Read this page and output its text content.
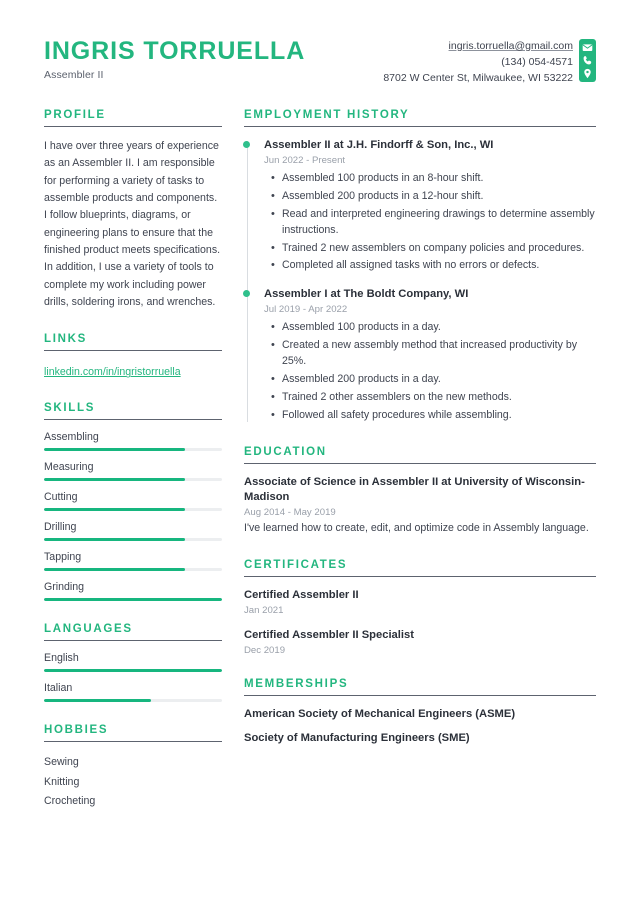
INGRIS TORRUELLA
Assembler II
ingris.torruella@gmail.com
(134) 054-4571
8702 W Center St, Milwaukee, WI 53222
PROFILE
I have over three years of experience as an Assembler II. I am responsible for performing a variety of tasks to assemble products and components. I follow blueprints, diagrams, or engineering plans to ensure that the finished product meets specifications. In addition, I use a variety of tools to complete my work including power drills, soldering irons, and wrenches.
LINKS
linkedin.com/in/ingristorruella
SKILLS
Assembling
Measuring
Cutting
Drilling
Tapping
Grinding
LANGUAGES
English
Italian
HOBBIES
Sewing
Knitting
Crocheting
EMPLOYMENT HISTORY
Assembler II at J.H. Findorff & Son, Inc., WI
Jun 2022 - Present
• Assembled 100 products in an 8-hour shift.
• Assembled 200 products in a 12-hour shift.
• Read and interpreted engineering drawings to determine assembly instructions.
• Trained 2 new assemblers on company policies and procedures.
• Completed all assigned tasks with no errors or defects.
Assembler I at The Boldt Company, WI
Jul 2019 - Apr 2022
• Assembled 100 products in a day.
• Created a new assembly method that increased productivity by 25%.
• Assembled 200 products in a day.
• Trained 2 other assemblers on the new methods.
• Followed all safety procedures while assembling.
EDUCATION
Associate of Science in Assembler II at University of Wisconsin-Madison
Aug 2014 - May 2019
I've learned how to create, edit, and optimize code in Assembly language.
CERTIFICATES
Certified Assembler II
Jan 2021
Certified Assembler II Specialist
Dec 2019
MEMBERSHIPS
American Society of Mechanical Engineers (ASME)
Society of Manufacturing Engineers (SME)
